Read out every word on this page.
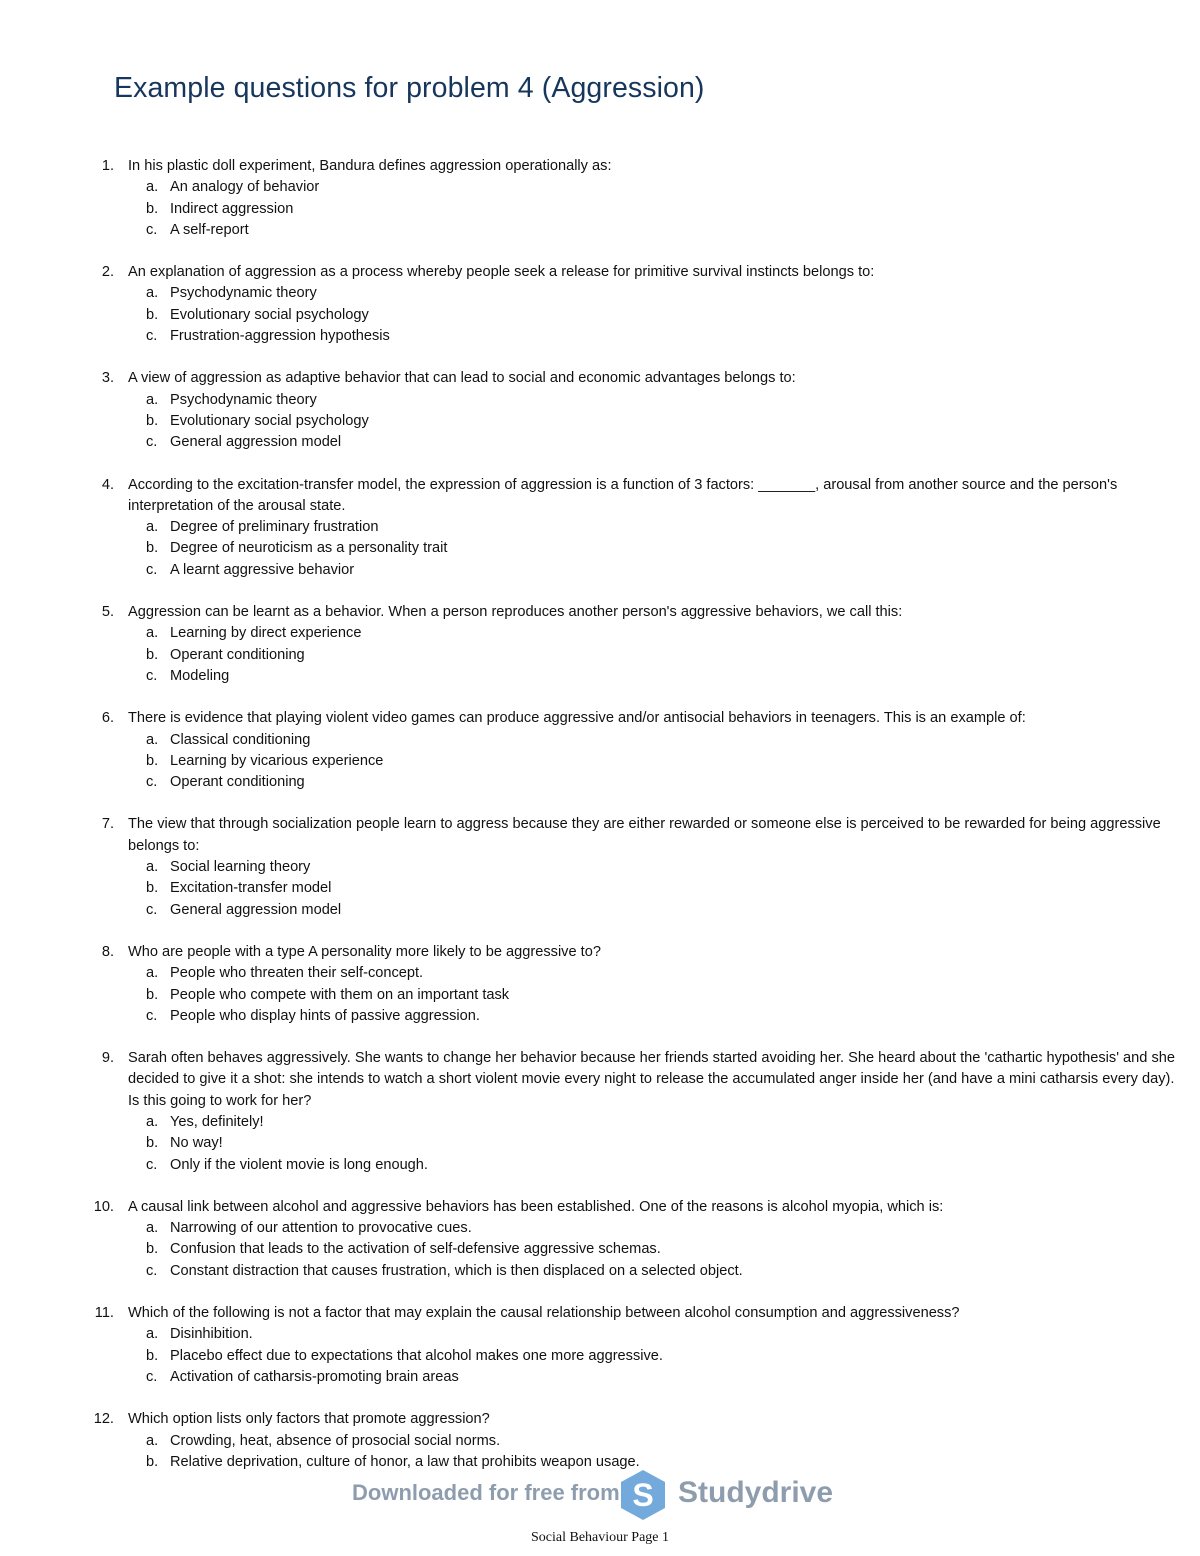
Example questions for problem 4 (Aggression)
1. In his plastic doll experiment, Bandura defines aggression operationally as:
a. An analogy of behavior
b. Indirect aggression
c. A self-report
2. An explanation of aggression as a process whereby people seek a release for primitive survival instincts belongs to:
a. Psychodynamic theory
b. Evolutionary social psychology
c. Frustration-aggression hypothesis
3. A view of aggression as adaptive behavior that can lead to social and economic advantages belongs to:
a. Psychodynamic theory
b. Evolutionary social psychology
c. General aggression model
4. According to the excitation-transfer model, the expression of aggression is a function of 3 factors: _______, arousal from another source and the person's interpretation of the arousal state.
a. Degree of preliminary frustration
b. Degree of neuroticism as a personality trait
c. A learnt aggressive behavior
5. Aggression can be learnt as a behavior. When a person reproduces another person's aggressive behaviors, we call this:
a. Learning by direct experience
b. Operant conditioning
c. Modeling
6. There is evidence that playing violent video games can produce aggressive and/or antisocial behaviors in teenagers. This is an example of:
a. Classical conditioning
b. Learning by vicarious experience
c. Operant conditioning
7. The view that through socialization people learn to aggress because they are either rewarded or someone else is perceived to be rewarded for being aggressive belongs to:
a. Social learning theory
b. Excitation-transfer model
c. General aggression model
8. Who are people with a type A personality more likely to be aggressive to?
a. People who threaten their self-concept.
b. People who compete with them on an important task
c. People who display hints of passive aggression.
9. Sarah often behaves aggressively. She wants to change her behavior because her friends started avoiding her. She heard about the 'cathartic hypothesis' and she decided to give it a shot: she intends to watch a short violent movie every night to release the accumulated anger inside her (and have a mini catharsis every day). Is this going to work for her?
a. Yes, definitely!
b. No way!
c. Only if the violent movie is long enough.
10. A causal link between alcohol and aggressive behaviors has been established. One of the reasons is alcohol myopia, which is:
a. Narrowing of our attention to provocative cues.
b. Confusion that leads to the activation of self-defensive aggressive schemas.
c. Constant distraction that causes frustration, which is then displaced on a selected object.
11. Which of the following is not a factor that may explain the causal relationship between alcohol consumption and aggressiveness?
a. Disinhibition.
b. Placebo effect due to expectations that alcohol makes one more aggressive.
c. Activation of catharsis-promoting brain areas
12. Which option lists only factors that promote aggression?
a. Crowding, heat, absence of prosocial social norms.
b. Relative deprivation, culture of honor, a law that prohibits weapon usage.
Downloaded for free from S Studydrive
Social Behaviour Page 1
